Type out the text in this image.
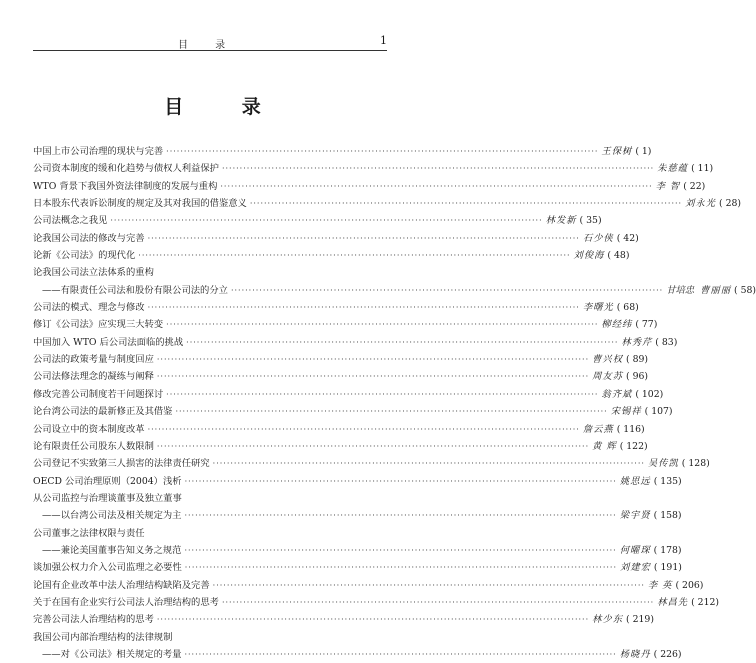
目 录	1
目 录
中国上市公司治理的现状与完善 ·····	王保树 ( 1)
公司资本制度的缓和化趋势与债权人利益保护 ·····	朱慈蕴 ( 11)
WTO 背景下我国外资法律制度的发展与重构 ·····	李 智 ( 22)
日本股东代表诉讼制度的规定及其对我国的借鉴意义 ·····	刘永光 ( 28)
公司法概念之我见 ·····	林发新 ( 35)
论我国公司法的修改与完善 ·····	石少侠 ( 42)
论新《公司法》的现代化 ·····	刘俊海 ( 48)
论我国公司法立法体系的重构
——有限责任公司法和股份有限公司法的分立 ·····	甘培忠 曹丽丽 ( 58)
公司法的模式、理念与修改 ·····	李曙光 ( 68)
修订《公司法》应实现三大转变 ·····	柳经纬 ( 77)
中国加入 WTO 后公司法面临的挑战 ·····	林秀芹 ( 83)
公司法的政策考量与制度回应 ·····	曹兴权 ( 89)
公司法修法理念的凝练与阐释 ·····	周友苏 ( 96)
修改完善公司制度若干问题探讨 ·····	翁齐斌 ( 102)
论台湾公司法的最新修正及其借鉴 ·····	宋锡祥 ( 107)
公司设立中的资本制度改革 ·····	詹云燕 ( 116)
论有限责任公司股东人数限制 ·····	黄 辉 ( 122)
公司登记不实致第三人损害的法律责任研究 ·····	吴传凯 ( 128)
OECD 公司治理原则（2004）浅析 ·····	姚思远 ( 135)
从公司监控与治理谈董事及独立董事
——以台湾公司法及相关规定为主 ·····	梁宇贤 ( 158)
公司董事之法律权限与责任
——兼论美国董事告知义务之规范 ·····	何曜琛 ( 178)
谈加强公权力介入公司监理之必要性 ·····	刘建宏 ( 191)
论国有企业改革中法人治理结构缺陷及完善 ·····	李 英 ( 206)
关于在国有企业实行公司法人治理结构的思考 ·····	林昌先 ( 212)
完善公司法人治理结构的思考 ·····	林少东 ( 219)
我国公司内部治理结构的法律规制
——对《公司法》相关规定的考量 ·····	杨晓丹 ( 226)
